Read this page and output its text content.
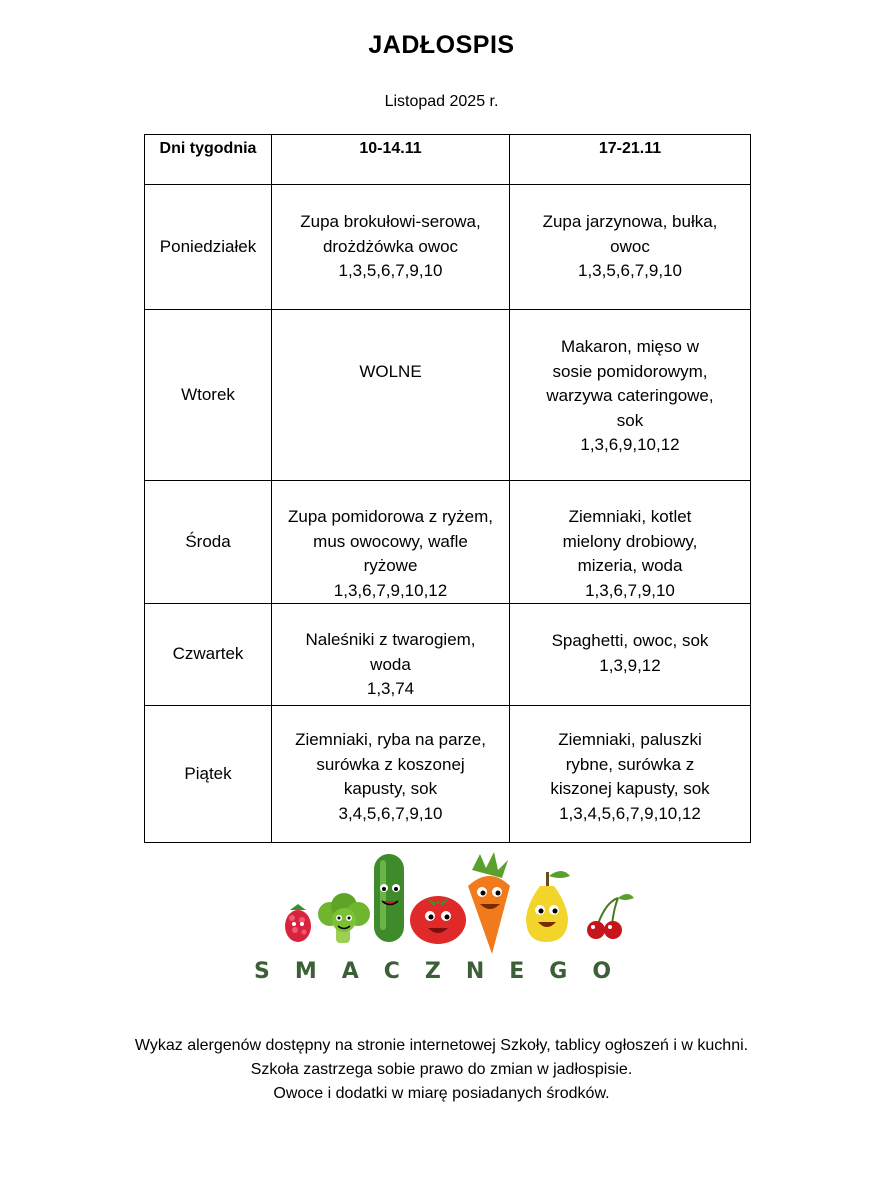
JADŁOSPIS
Listopad 2025 r.
Dni tygodnia	10-14.11	17-21.11
Poniedziałek	Zupa brokułowi-serowa,
drożdżówka owoc
1,3,5,6,7,9,10	Zupa jarzynowa, bułka,
owoc
1,3,5,6,7,9,10

Wtorek	WOLNE	Makaron, mięso w
sosie pomidorowym,
warzywa cateringowe,
sok
1,3,6,9,10,12

Środa	Zupa pomidorowa z ryżem,
mus owocowy, wafle
ryżowe
1,3,6,7,9,10,12	Ziemniaki, kotlet
mielony drobiowy,
mizeria, woda
1,3,6,7,9,10

Czwartek	Naleśniki z twarogiem,
woda
1,3,74	Spaghetti, owoc, sok
1,3,9,12

Piątek	Ziemniaki, ryba na parze,
surówka z koszonej
kapusty, sok
3,4,5,6,7,9,10	Ziemniaki, paluszki
rybne, surówka z
kiszonej kapusty, sok
1,3,4,5,6,7,9,10,12
SMACZNEGO
Wykaz alergenów dostępny na stronie internetowej Szkoły, tablicy ogłoszeń i w kuchni.
Szkoła zastrzega sobie prawo do zmian w jadłospisie.
Owoce i dodatki w miarę posiadanych środków.
